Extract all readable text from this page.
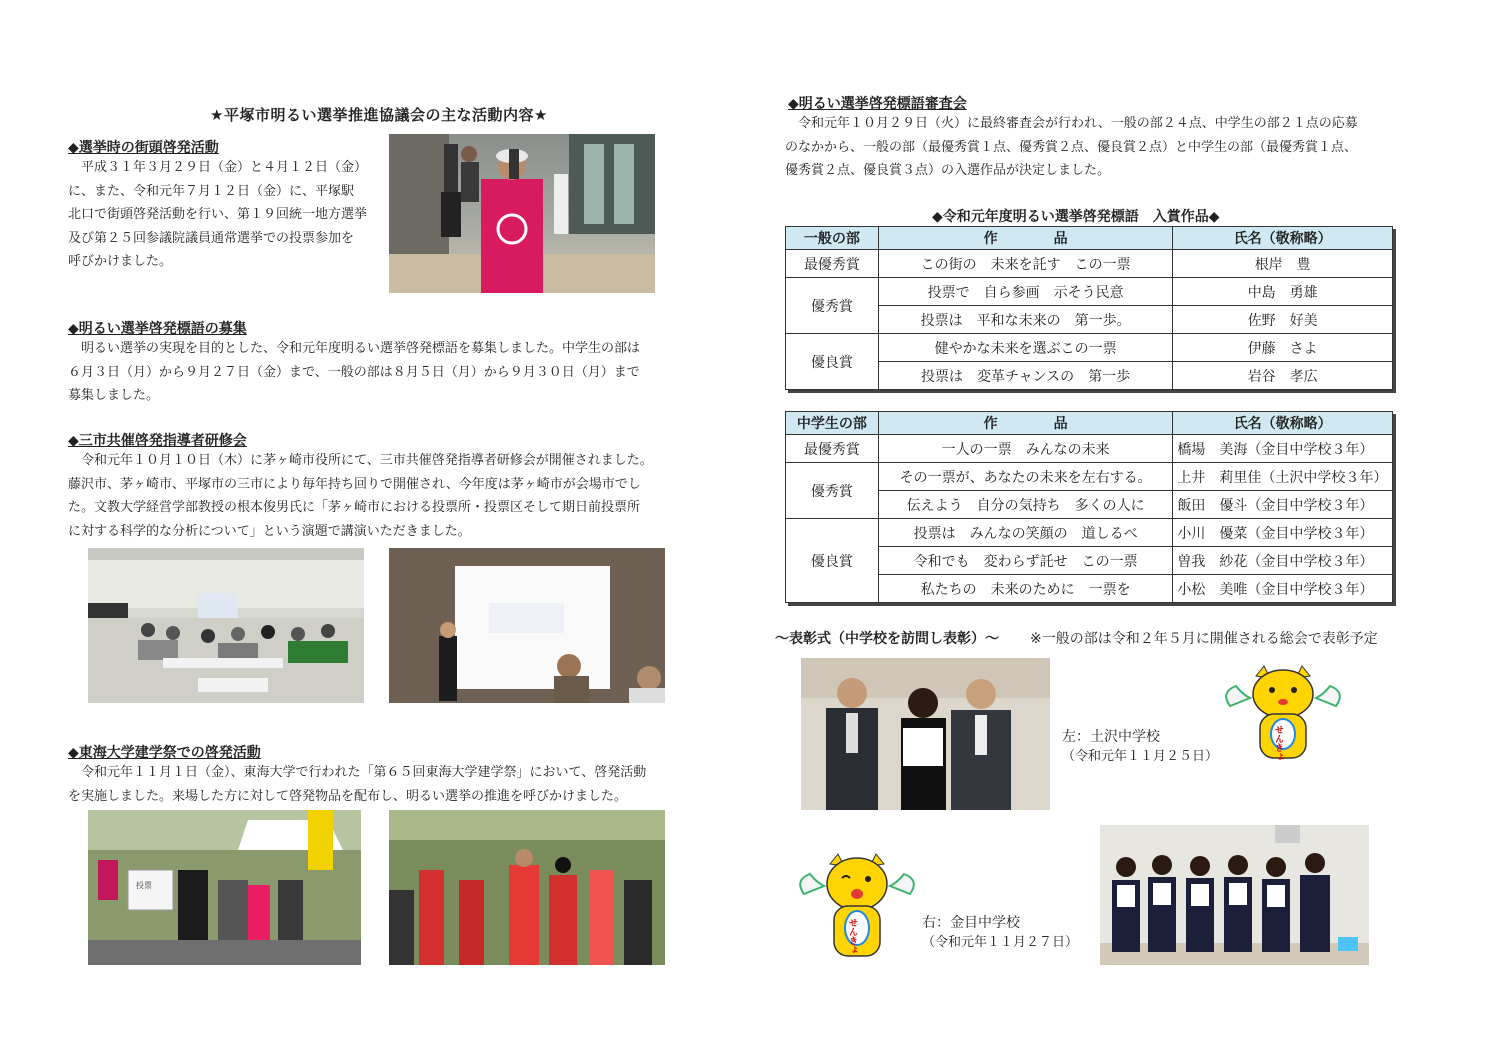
★平塚市明るい選挙推進協議会の主な活動内容★
◆選挙時の街頭啓発活動
　平成３１年３月２９日（金）と４月１２日（金）
に、また、令和元年７月１２日（金）に、平塚駅
北口で街頭啓発活動を行い、第１９回統一地方選挙
及び第２５回参議院議員通常選挙での投票参加を
呼びかけました。
◆明るい選挙啓発標語の募集
　明るい選挙の実現を目的とした、令和元年度明るい選挙啓発標語を募集しました。中学生の部は
６月３日（月）から９月２７日（金）まで、一般の部は８月５日（月）から９月３０日（月）まで
募集しました。
◆三市共催啓発指導者研修会
　令和元年１０月１０日（木）に茅ヶ崎市役所にて、三市共催啓発指導者研修会が開催されました。
藤沢市、茅ヶ崎市、平塚市の三市により毎年持ち回りで開催され、今年度は茅ヶ崎市が会場市でし
た。文教大学経営学部教授の根本俊男氏に「茅ヶ崎市における投票所・投票区そして期日前投票所
に対する科学的な分析について」という演題で講演いただきました。
◆東海大学建学祭での啓発活動
　令和元年１１月１日（金）、東海大学で行われた「第６５回東海大学建学祭」において、啓発活動
を実施しました。来場した方に対して啓発物品を配布し、明るい選挙の推進を呼びかけました。
投票
◆明るい選挙啓発標語審査会
　令和元年１０月２９日（火）に最終審査会が行われ、一般の部２４点、中学生の部２１点の応募
のなかから、一般の部（最優秀賞１点、優秀賞２点、優良賞２点）と中学生の部（最優秀賞１点、
優秀賞２点、優良賞３点）の入選作品が決定しました。
◆令和元年度明るい選挙啓発標語　入賞作品◆
一般の部	作　　　　品	氏名（敬称略）
最優秀賞	この街の　未来を託す　この一票	根岸　豊
優秀賞	投票で　自ら参画　示そう民意	中島　勇雄
	投票は　平和な未来の　第一歩。	佐野　好美
優良賞	健やかな未来を選ぶこの一票	伊藤　さよ
	投票は　変革チャンスの　第一歩	岩谷　孝広
中学生の部	作　　　　品	氏名（敬称略）
最優秀賞	一人の一票　みんなの未来	橋場　美海（金目中学校３年）
優秀賞	その一票が、あなたの未来を左右する。	上井　莉里佳（土沢中学校３年）
	伝えよう　自分の気持ち　多くの人に	飯田　優斗（金目中学校３年）
優良賞	投票は　みんなの笑顔の　道しるべ	小川　優菜（金目中学校３年）
	令和でも　変わらず託せ　この一票	曽我　紗花（金目中学校３年）
	私たちの　未来のために　一票を	小松　美唯（金目中学校３年）
～表彰式（中学校を訪問し表彰）～ ※一般の部は令和２年５月に開催される総会で表彰予定
左：土沢中学校
（令和元年１１月２５日）	せんきょ
せんきょ	右：金目中学校
（令和元年１１月２７日）
